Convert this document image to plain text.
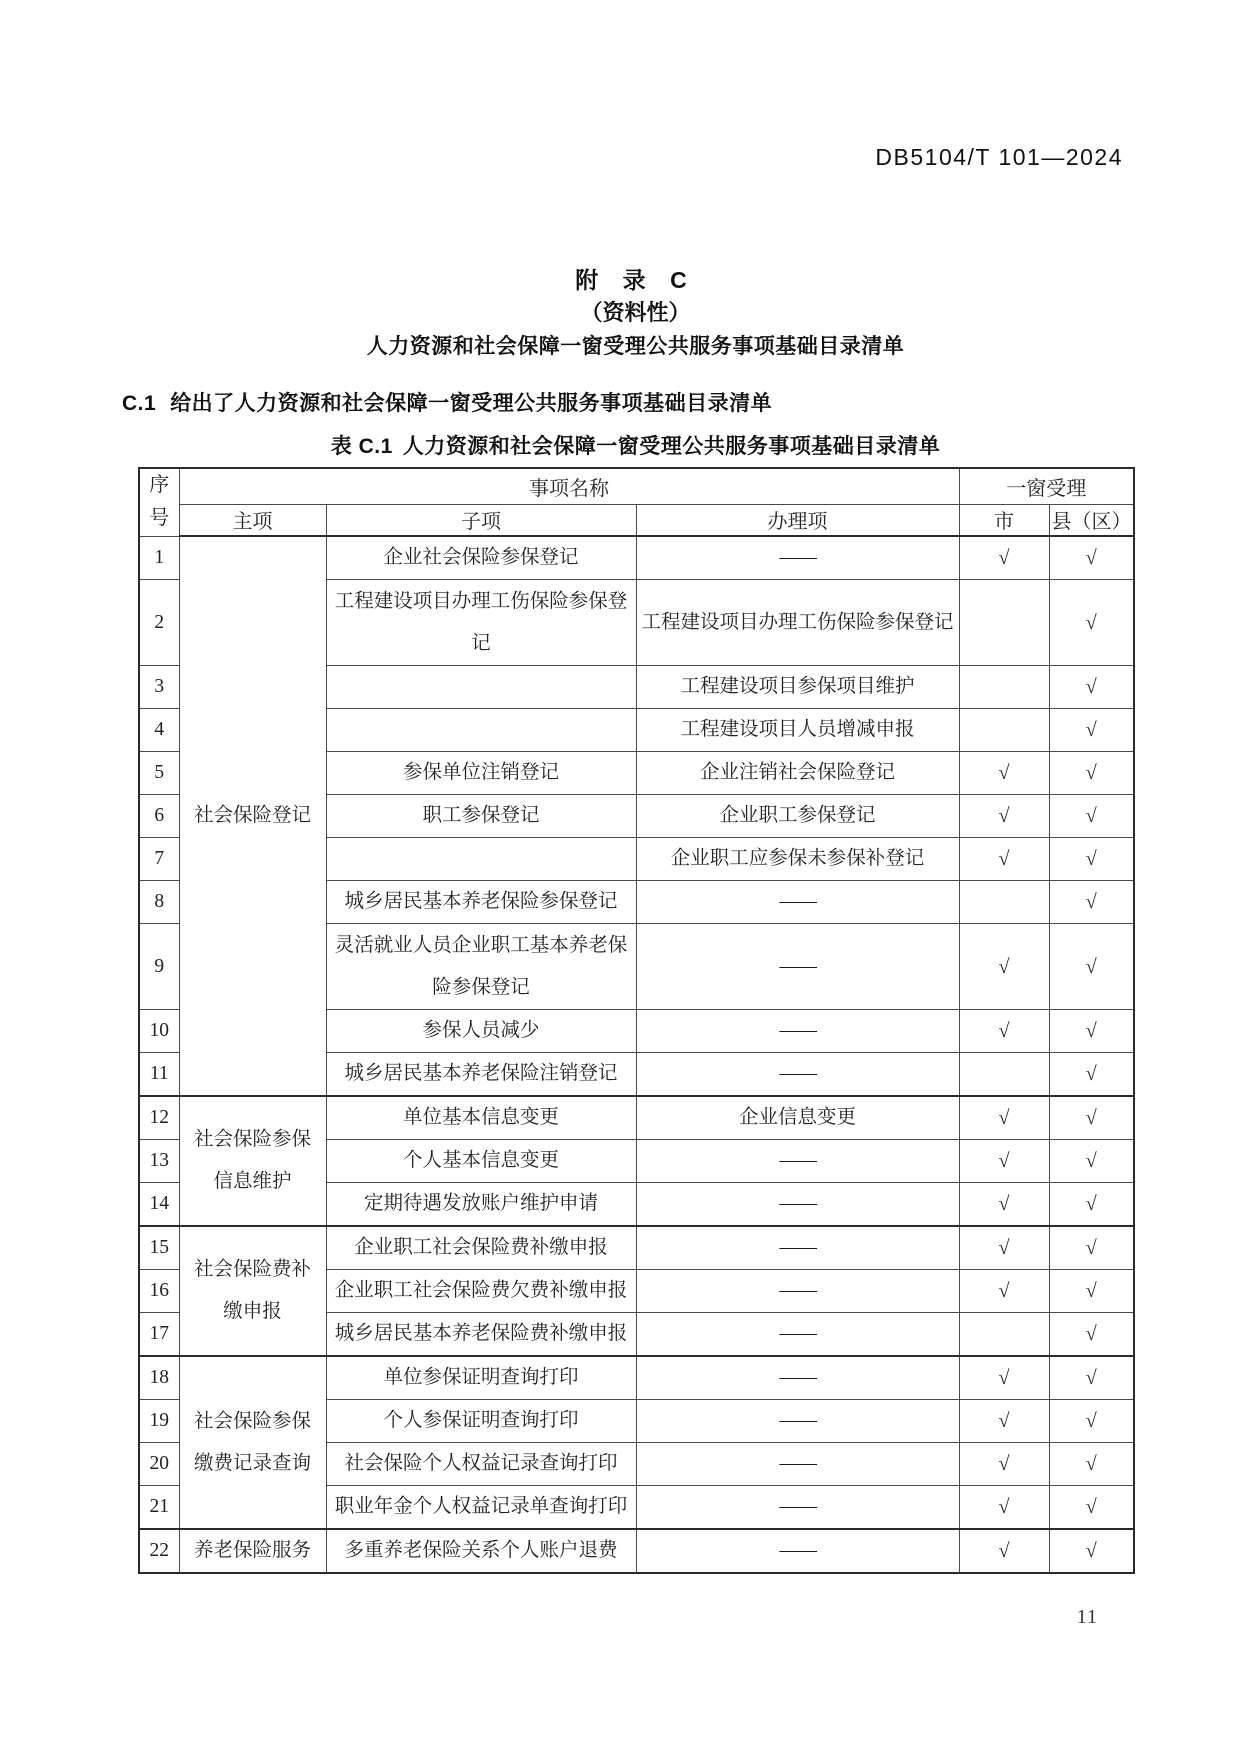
DB5104/T 101—2024
附 录 C
（资料性）
人力资源和社会保障一窗受理公共服务事项基础目录清单
C.1 给出了人力资源和社会保障一窗受理公共服务事项基础目录清单
表 C.1 人力资源和社会保障一窗受理公共服务事项基础目录清单
序号	事项名称			一窗受理	
	主项	子项	办理项	市	县（区）
1	社会保险登记	企业社会保险参保登记	——	√	√
2		工程建设项目办理工伤保险参保登记	工程建设项目办理工伤保险参保登记		√
3			工程建设项目参保项目维护		√
4			工程建设项目人员增减申报		√
5		参保单位注销登记	企业注销社会保险登记	√	√
6		职工参保登记	企业职工参保登记	√	√
7			企业职工应参保未参保补登记	√	√
8		城乡居民基本养老保险参保登记	——		√
9		灵活就业人员企业职工基本养老保险参保登记	——	√	√
10		参保人员减少	——	√	√
11		城乡居民基本养老保险注销登记	——		√
12	社会保险参保信息维护	单位基本信息变更	企业信息变更	√	√
13		个人基本信息变更	——	√	√
14		定期待遇发放账户维护申请	——	√	√
15	社会保险费补缴申报	企业职工社会保险费补缴申报	——	√	√
16		企业职工社会保险费欠费补缴申报	——	√	√
17		城乡居民基本养老保险费补缴申报	——		√
18	社会保险参保缴费记录查询	单位参保证明查询打印	——	√	√
19		个人参保证明查询打印	——	√	√
20		社会保险个人权益记录查询打印	——	√	√
21		职业年金个人权益记录单查询打印	——	√	√
22	养老保险服务	多重养老保险关系个人账户退费	——	√	√
11
